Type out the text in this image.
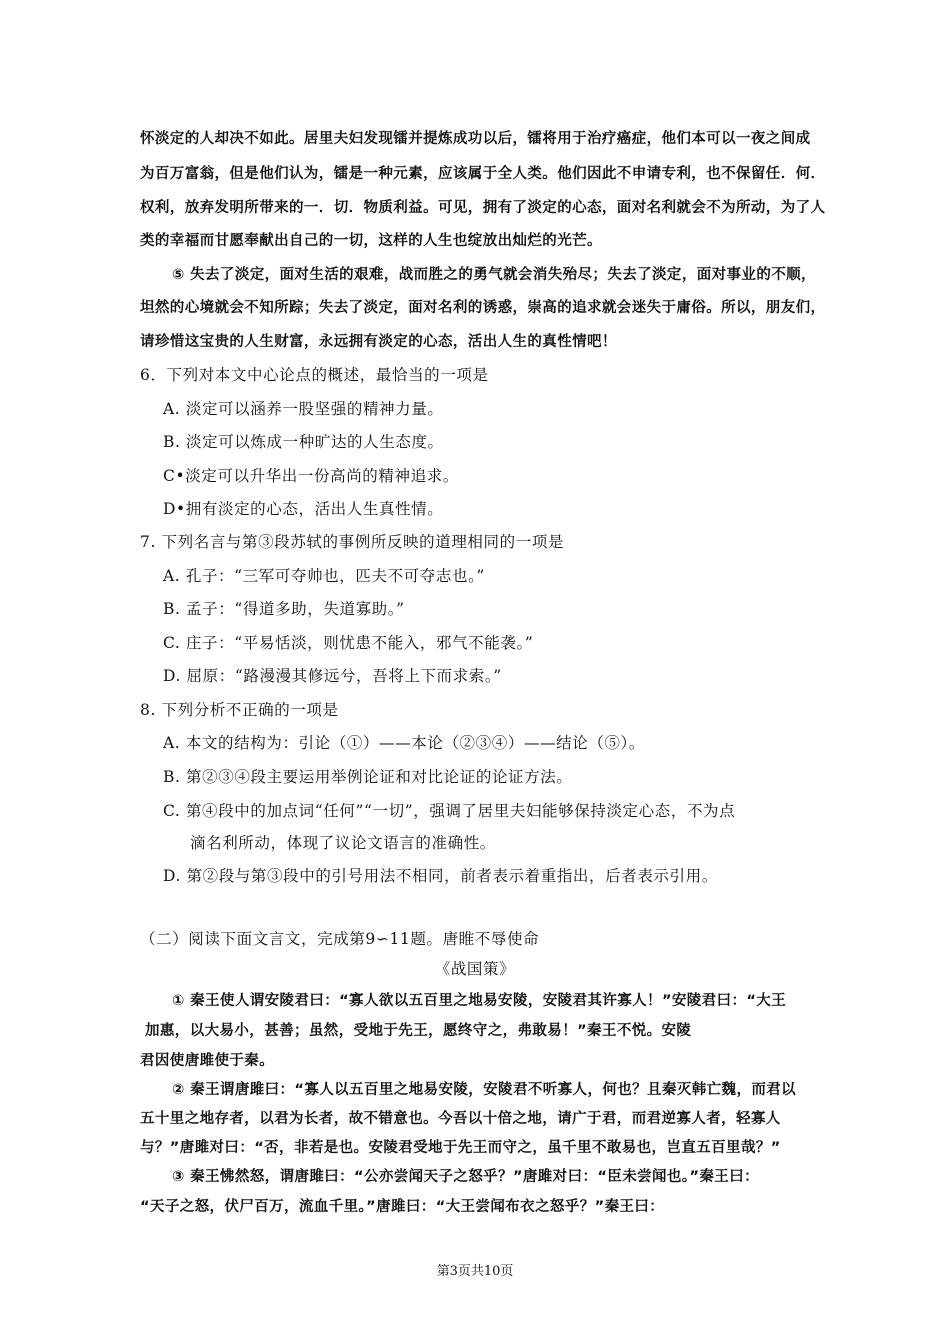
怀淡定的人却决不如此。居里夫妇发现镭并提炼成功以后，镭将用于治疗癌症，他们本可以一夜之间成
为百万富翁，但是他们认为，镭是一种元素，应该属于全人类。他们因此不申请专利，也不保留任．何．
权利，放弃发明所带来的一．切．物质利益。可见，拥有了淡定的心态，面对名利就会不为所动，为了人
类的幸福而甘愿奉献出自己的一切，这样的人生也绽放出灿烂的光芒。
⑤ 失去了淡定，面对生活的艰难，战而胜之的勇气就会消失殆尽；失去了淡定，面对事业的不顺，
坦然的心境就会不知所踪；失去了淡定，面对名利的诱惑，崇高的追求就会迷失于庸俗。所以，朋友们，
请珍惜这宝贵的人生财富，永远拥有淡定的心态，活出人生的真性情吧！
6．下列对本文中心论点的概述，最恰当的一项是
A. 淡定可以涵养一股坚强的精神力量。
B. 淡定可以炼成一种旷达的人生态度。
C•淡定可以升华出一份高尚的精神追求。
D•拥有淡定的心态，活出人生真性情。
7. 下列名言与第③段苏轼的事例所反映的道理相同的一项是
A. 孔子：“三军可夺帅也，匹夫不可夺志也。”
B. 孟子：“得道多助，失道寡助。”
C. 庄子：“平易恬淡，则忧患不能入，邪气不能袭。”
D. 屈原：“路漫漫其修远兮，吾将上下而求索。”
8. 下列分析不正确的一项是
A. 本文的结构为：引论（①）——本论（②③④）——结论（⑤）。
B. 第②③④段主要运用举例论证和对比论证的论证方法。
C. 第④段中的加点词“任何”“一切”，强调了居里夫妇能够保持淡定心态，不为点
滴名利所动，体现了议论文语言的准确性。
D. 第②段与第③段中的引号用法不相同，前者表示着重指出，后者表示引用。
（二）阅读下面文言文，完成第9∽11题。唐睢不辱使命
《战国策》
① 秦王使人谓安陵君曰：“寡人欲以五百里之地易安陵，安陵君其许寡人！”安陵君曰：“大王
加惠，以大易小，甚善；虽然，受地于先王，愿终守之，弗敢易！”秦王不悦。安陵
君因使唐雎使于秦。
② 秦王谓唐雎曰：“寡人以五百里之地易安陵，安陵君不听寡人，何也？且秦灭韩亡魏，而君以
五十里之地存者，以君为长者，故不错意也。今吾以十倍之地，请广于君，而君逆寡人者，轻寡人
与？”唐雎对曰：“否，非若是也。安陵君受地于先王而守之，虽千里不敢易也，岂直五百里哉？”
③ 秦王怫然怒，谓唐雎曰：“公亦尝闻天子之怒乎？”唐雎对曰：“臣未尝闻也。”秦王曰：
“天子之怒，伏尸百万，流血千里。”唐雎曰：“大王尝闻布衣之怒乎？”秦王曰：
第3页共10页
